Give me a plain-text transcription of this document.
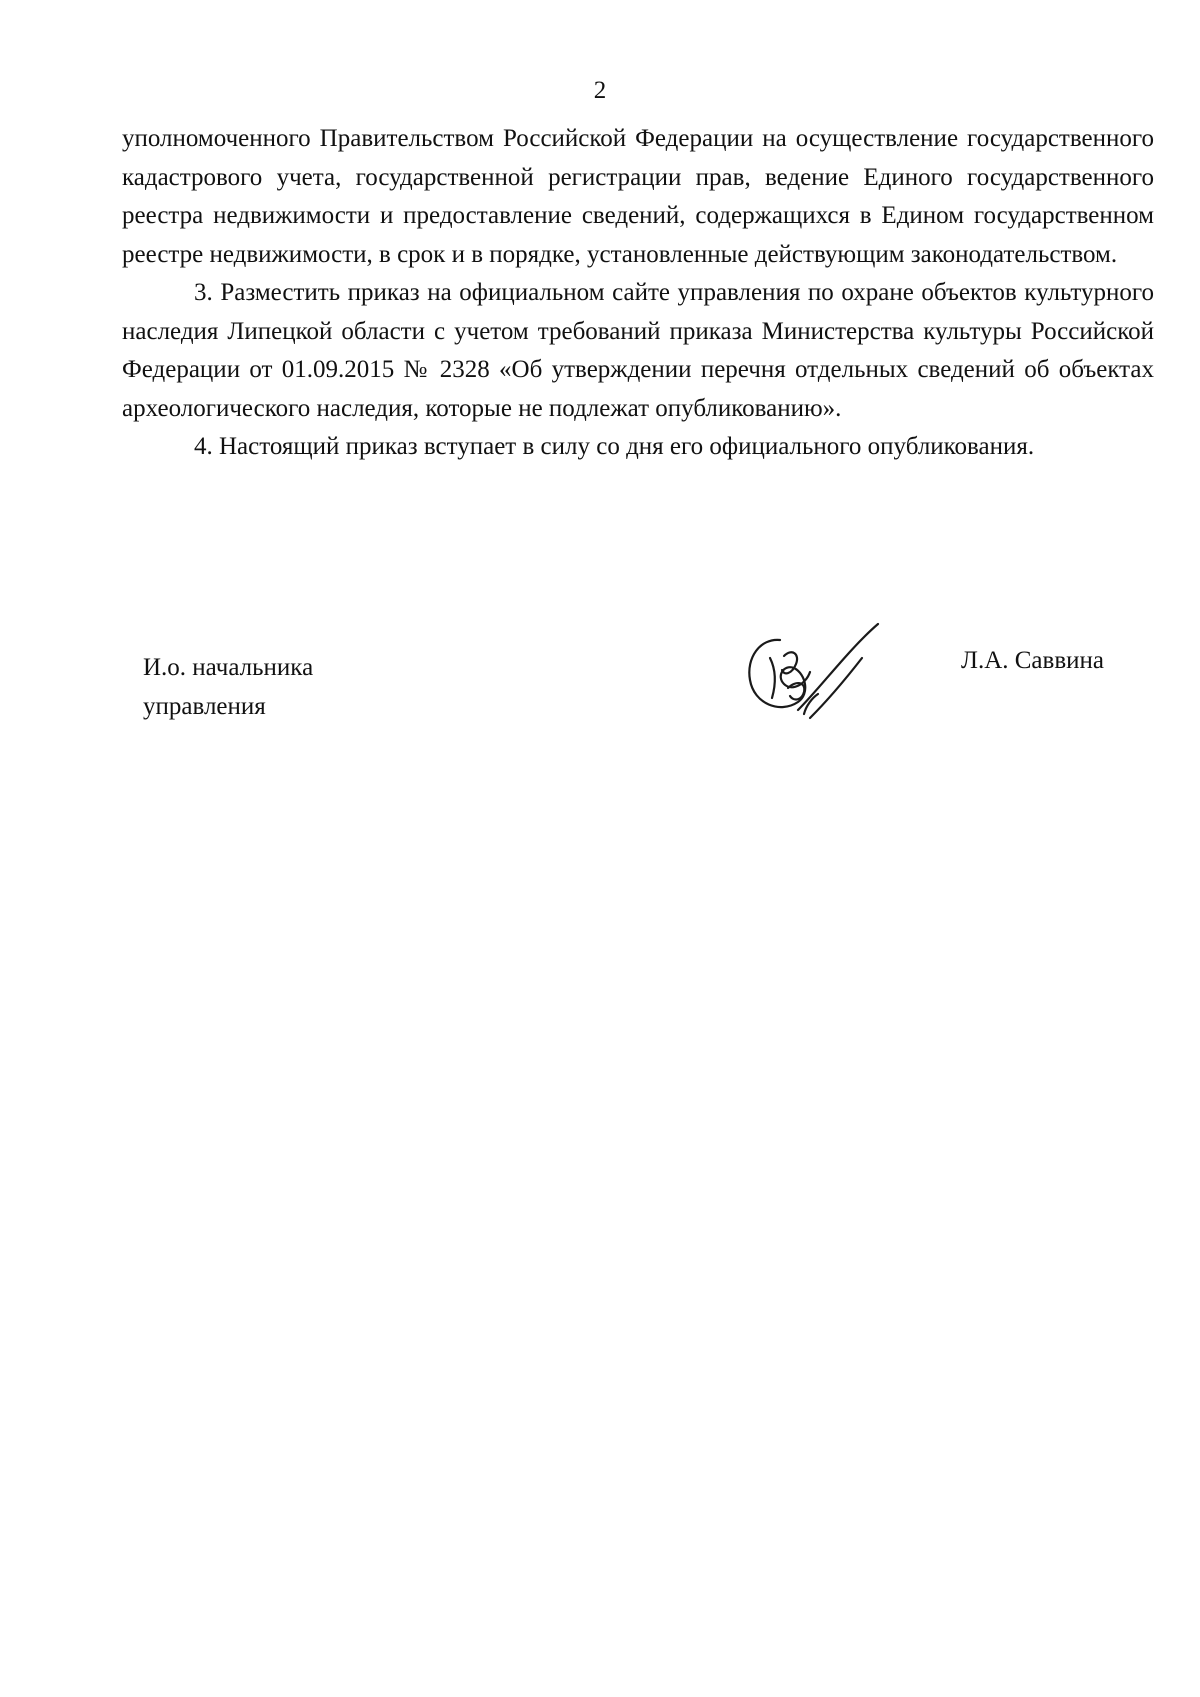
2

уполномоченного Правительством Российской Федерации на осуществление государственного кадастрового учета, государственной регистрации прав, ведение Единого государственного реестра недвижимости и предоставление сведений, содержащихся в Едином государственном реестре недвижимости, в срок и в порядке, установленные действующим законодательством.

3. Разместить приказ на официальном сайте управления по охране объектов культурного наследия Липецкой области с учетом требований приказа Министерства культуры Российской Федерации от 01.09.2015 № 2328 «Об утверждении перечня отдельных сведений об объектах археологического наследия, которые не подлежат опубликованию».

4. Настоящий приказ вступает в силу со дня его официального опубликования.

И.о. начальника
управления
Л.А. Саввина
